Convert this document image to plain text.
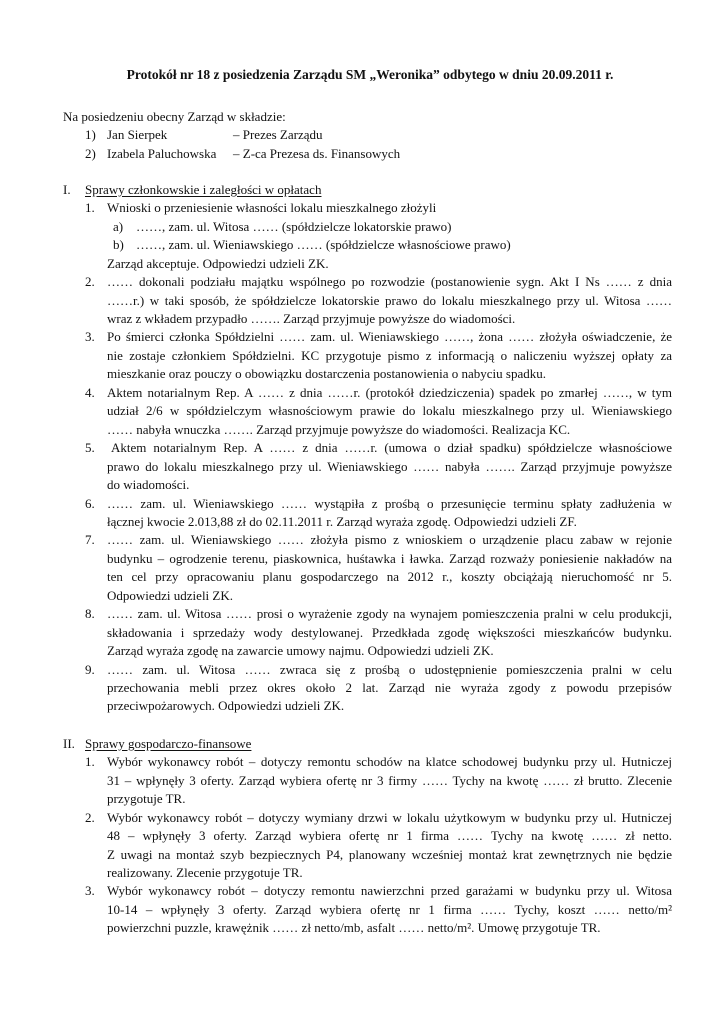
Protokół nr 18 z posiedzenia Zarządu SM „Weronika” odbytego w dniu 20.09.2011 r.
Na posiedzeniu obecny Zarząd w składzie:
1) Jan Sierpek	– Prezes Zarządu
2) Izabela Paluchowska – Z-ca Prezesa ds. Finansowych
I. Sprawy członkowskie i zaległości w opłatach
1. Wnioski o przeniesienie własności lokalu mieszkalnego złożyli
a) ……, zam. ul. Witosa …… (spółdzielcze lokatorskie prawo)
b) ……, zam. ul. Wieniawskiego …… (spółdzielcze własnościowe prawo)
Zarząd akceptuje. Odpowiedzi udzieli ZK.
2. …… dokonali podziału majątku wspólnego po rozwodzie (postanowienie sygn. Akt I Ns …… z dnia
……r.) w taki sposób, że spółdzielcze lokatorskie prawo do lokalu mieszkalnego przy ul. Witosa ……
wraz z wkładem przypadło ……. Zarząd przyjmuje powyższe do wiadomości.
3. Po śmierci członka Spółdzielni …… zam. ul. Wieniawskiego ……, żona …… złożyła oświadczenie, że
nie zostaje członkiem Spółdzielni. KC przygotuje pismo z informacją o naliczeniu wyższej opłaty za
mieszkanie oraz pouczy o obowiązku dostarczenia postanowienia o nabyciu spadku.
4. Aktem notarialnym Rep. A …… z dnia ……r. (protokół dziedziczenia) spadek po zmarłej ……, w tym
udział 2/6 w spółdzielczym własnościowym prawie do lokalu mieszkalnego przy ul. Wieniawskiego
…… nabyła wnuczka ……. Zarząd przyjmuje powyższe do wiadomości. Realizacja KC.
5.	Aktem notarialnym Rep. A …… z dnia ……r. (umowa o dział spadku) spółdzielcze własnościowe
prawo do lokalu mieszkalnego przy ul. Wieniawskiego …… nabyła ……. Zarząd przyjmuje powyższe
do wiadomości.
6. …… zam. ul. Wieniawskiego …… wystąpiła z prośbą o przesunięcie terminu spłaty zadłużenia w
łącznej kwocie 2.013,88 zł do 02.11.2011 r. Zarząd wyraża zgodę. Odpowiedzi udzieli ZF.
7. …… zam. ul. Wieniawskiego …… złożyła pismo z wnioskiem o urządzenie placu zabaw w rejonie
budynku – ogrodzenie terenu, piaskownica, huśtawka i ławka. Zarząd rozważy poniesienie nakładów na
ten cel przy opracowaniu planu gospodarczego na 2012 r., koszty obciążają nieruchomość nr 5.
Odpowiedzi udzieli ZK.
8. …… zam. ul. Witosa …… prosi o wyrażenie zgody na wynajem pomieszczenia pralni w celu produkcji,
składowania i sprzedaży wody destylowanej. Przedkłada zgodę większości mieszkańców budynku.
Zarząd wyraża zgodę na zawarcie umowy najmu. Odpowiedzi udzieli ZK.
9. …… zam. ul. Witosa …… zwraca się z prośbą o udostępnienie pomieszczenia pralni w celu
przechowania mebli przez okres około 2 lat. Zarząd nie wyraża zgody z powodu przepisów
przeciwpożarowych. Odpowiedzi udzieli ZK.
II. Sprawy gospodarczo-finansowe
1. Wybór wykonawcy robót – dotyczy remontu schodów na klatce schodowej budynku przy ul. Hutniczej
31 – wpłynęły 3 oferty. Zarząd wybiera ofertę nr 3 firmy …… Tychy na kwotę …… zł brutto. Zlecenie
przygotuje TR.
2. Wybór wykonawcy robót – dotyczy wymiany drzwi w lokalu użytkowym w budynku przy ul. Hutniczej
48 – wpłynęły 3 oferty. Zarząd wybiera ofertę nr 1 firma …… Tychy na kwotę …… zł netto.
Z uwagi na montaż szyb bezpiecznych P4, planowany wcześniej montaż krat zewnętrznych nie będzie
realizowany. Zlecenie przygotuje TR.
3. Wybór wykonawcy robót – dotyczy remontu nawierzchni przed garażami w budynku przy ul. Witosa
10-14 – wpłynęły 3 oferty. Zarząd wybiera ofertę nr 1 firma …… Tychy, koszt …… netto/m²
powierzchni puzzle, krawężnik …… zł netto/mb, asfalt …… netto/m². Umowę przygotuje TR.
